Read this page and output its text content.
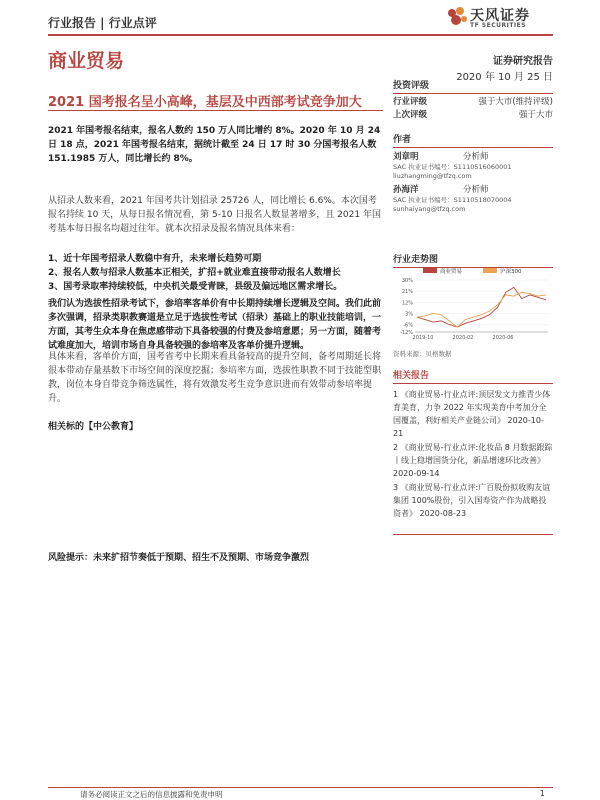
行业报告 | 行业点评	天风证券
TF SECURITIES
商业贸易	证券研究报告
2020 年 10 月 25 日
2021 国考报名呈小高峰，基层及中西部考试竞争加大
2021 年国考报名结束，报名人数约 150 万人同比增约 8%。2020 年 10 月 24 日 18 点，2021 年国考报名结束，据统计截至 24 日 17 时 30 分国考报名人数 151.1985 万人，同比增长约 8%。
从招录人数来看，2021 年国考共计划招录 25726 人，同比增长 6.6%。本次国考报名持续 10 天，从每日报名情况看，第 5-10 日报名人数显著增多，且 2021 年国考基本每日报名均超过往年。就本次招录及报名情况具体来看：
1、近十年国考招录人数稳中有升，未来增长趋势可期
2、报名人数与招录人数基本正相关，扩招+就业难直接带动报名人数增长
3、国考录取率持续较低，中央机关最受青睐，县级及偏远地区需求增长。
我们认为选拔性招录考试下，参培率客单价有中长期持续增长逻辑及空间。我们此前多次强调，招录类职教赛道是立足于选拔性考试（招录）基础上的职业技能培训，一方面，其考生众本身在焦虑感带动下具备较强的付费及参培意愿；另一方面，随着考试难度加大，培训市场自身具备较强的参培率及客单价提升逻辑。
具体来看，客单价方面，国考省考中长期来看具备较高的提升空间，备考周期延长将很本带动存量基数下市场空间的深度挖掘；参培率方面，选拔性职教不同于技能型职教，岗位本身自带竞争筛选属性，将有效激发考生竞争意识进而有效带动参培率提升。
相关标的【中公教育】
风险提示：未来扩招节奏低于预期、招生不及预期、市场竞争激烈
投资评级
行业评级	强于大市(维持评级)
上次评级	强于大市
作者
刘章明	分析师
SAC 执业证书编号：S1110516060001
liuzhangming@tfzq.com
孙海洋	分析师
SAC 执业证书编号：S1110518070004
sunhaiyang@tfzq.com
行业走势图
商业贸易	沪深300
30%
21%
12%
3%
-6%
-12%
2019-10	2020-02	2020-06
资料来源：贝格数据
相关报告
1 《商业贸易-行业点评:顶层发文力推青少体育美育，力争 2022 年实现美育中考加分全国覆盖，利好相关产业链公司》 2020-10-21
2 《商业贸易-行业点评:化妆品 8 月数据跟踪丨线上稳增国货分化，新品增速环比改善》 2020-09-14
3 《商业贸易-行业点评:广百股份拟收购友谊集团 100%股份，引入国寿资产作为战略投资者》 2020-08-23
请务必阅读正文之后的信息披露和免责申明	1
